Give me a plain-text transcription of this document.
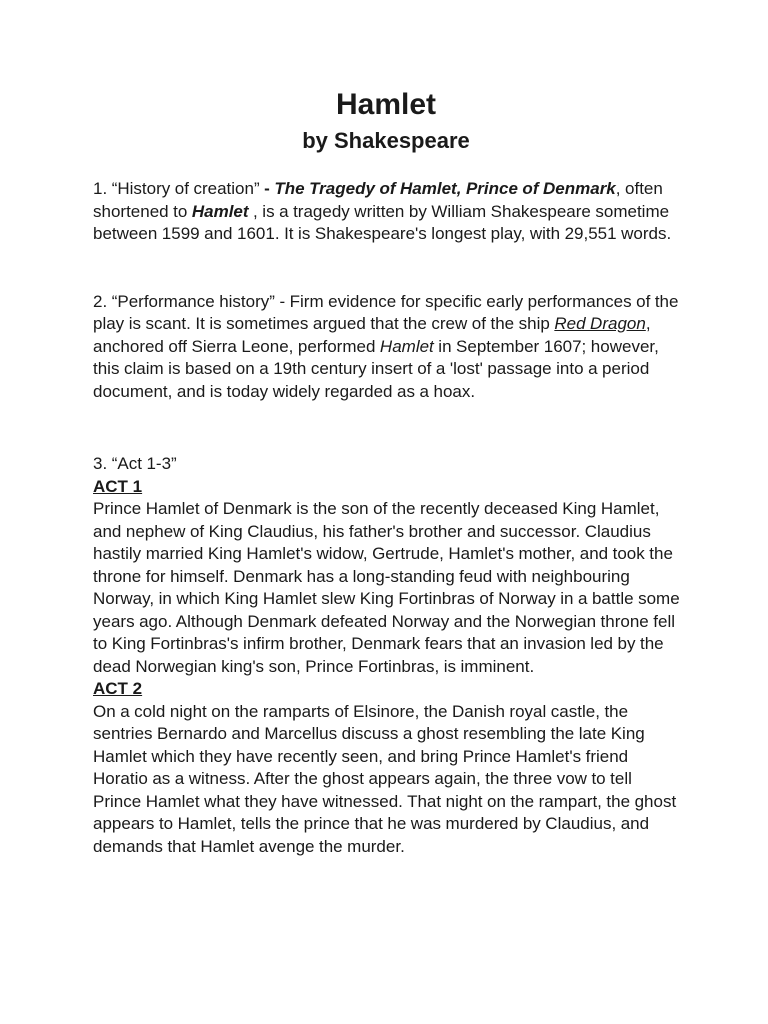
Hamlet
by Shakespeare

1. “History of creation” - The Tragedy of Hamlet, Prince of Denmark, often shortened to Hamlet , is a tragedy written by William Shakespeare sometime between 1599 and 1601. It is Shakespeare's longest play, with 29,551 words.

2. “Performance history” - Firm evidence for specific early performances of the play is scant. It is sometimes argued that the crew of the ship Red Dragon, anchored off Sierra Leone, performed Hamlet in September 1607; however, this claim is based on a 19th century insert of a 'lost' passage into a period document, and is today widely regarded as a hoax.

3. “Act 1-3”

ACT 1

Prince Hamlet of Denmark is the son of the recently deceased King Hamlet, and nephew of King Claudius, his father's brother and successor. Claudius hastily married King Hamlet's widow, Gertrude, Hamlet's mother, and took the throne for himself. Denmark has a long-standing feud with neighbouring Norway, in which King Hamlet slew King Fortinbras of Norway in a battle some years ago. Although Denmark defeated Norway and the Norwegian throne fell to King Fortinbras's infirm brother, Denmark fears that an invasion led by the dead Norwegian king's son, Prince Fortinbras, is imminent.

ACT 2

On a cold night on the ramparts of Elsinore, the Danish royal castle, the sentries Bernardo and Marcellus discuss a ghost resembling the late King Hamlet which they have recently seen, and bring Prince Hamlet's friend Horatio as a witness. After the ghost appears again, the three vow to tell Prince Hamlet what they have witnessed. That night on the rampart, the ghost appears to Hamlet, tells the prince that he was murdered by Claudius, and demands that Hamlet avenge the murder.
